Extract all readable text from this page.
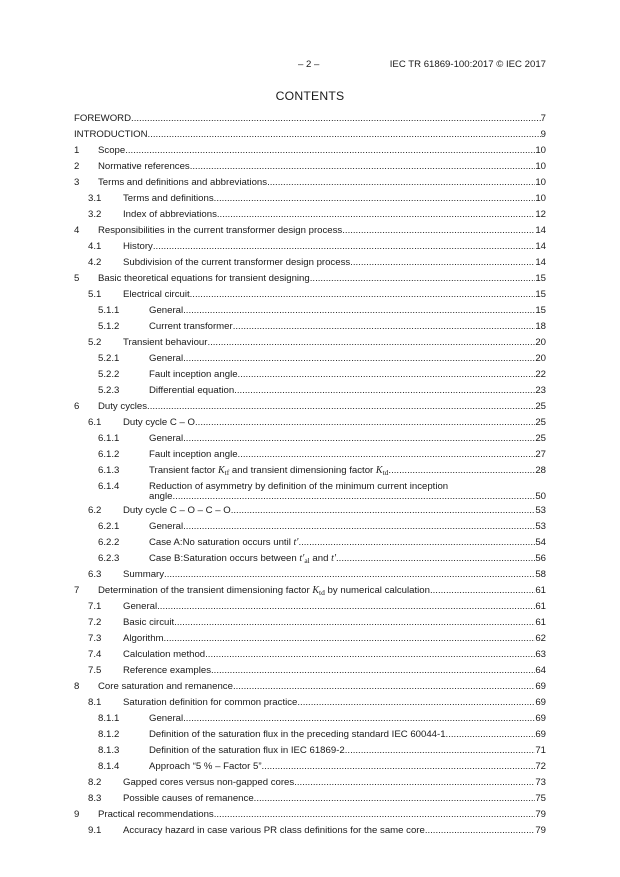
– 2 –	IEC TR 61869-100:2017 © IEC 2017
CONTENTS
FOREWORD .....	7
INTRODUCTION .....	9
1 Scope .....	10
2 Normative references .....	10
3 Terms and definitions and abbreviations .....	10
3.1 Terms and definitions .....	10
3.2 Index of abbreviations .....	12
4 Responsibilities in the current transformer design process .....	14
4.1 History .....	14
4.2 Subdivision of the current transformer design process .....	14
5 Basic theoretical equations for transient designing .....	15
5.1 Electrical circuit .....	15
5.1.1	General .....	15
5.1.2	Current transformer .....	18
5.2 Transient behaviour .....	20
5.2.1	General .....	20
5.2.2	Fault inception angle .....	22
5.2.3	Differential equation .....	23
6 Duty cycles .....	25
6.1 Duty cycle C – O .....	25
6.1.1	General .....	25
6.1.2	Fault inception angle .....	27
6.1.3	Transient factor $K_{tf}$ and transient dimensioning factor $K_{td}$ .....	28
6.1.4	Reduction of asymmetry by definition of the minimum current inception
angle .....	50
6.2 Duty cycle C – O – C – O .....	53
6.2.1	General .....	53
6.2.2	Case A:No saturation occurs until t' .....	54
6.2.3	Case B:Saturation occurs between $t'_{al}$ and t' .....	56
6.3 Summary .....	58
7 Determination of the transient dimensioning factor $K_{td}$ by numerical calculation .....	61
7.1 General .....	61
7.2 Basic circuit .....	61
7.3 Algorithm .....	62
7.4 Calculation method .....	63
7.5 Reference examples .....	64
8 Core saturation and remanence .....	69
8.1 Saturation definition for common practice .....	69
8.1.1	General .....	69
8.1.2	Definition of the saturation flux in the preceding standard IEC 60044-1 .....	69
8.1.3	Definition of the saturation flux in IEC 61869-2 .....	71
8.1.4	Approach “5 % – Factor 5” .....	72
8.2 Gapped cores versus non-gapped cores .....	73
8.3 Possible causes of remanence .....	75
9 Practical recommendations .....	79
9.1 Accuracy hazard in case various PR class definitions for the same core .....	79
